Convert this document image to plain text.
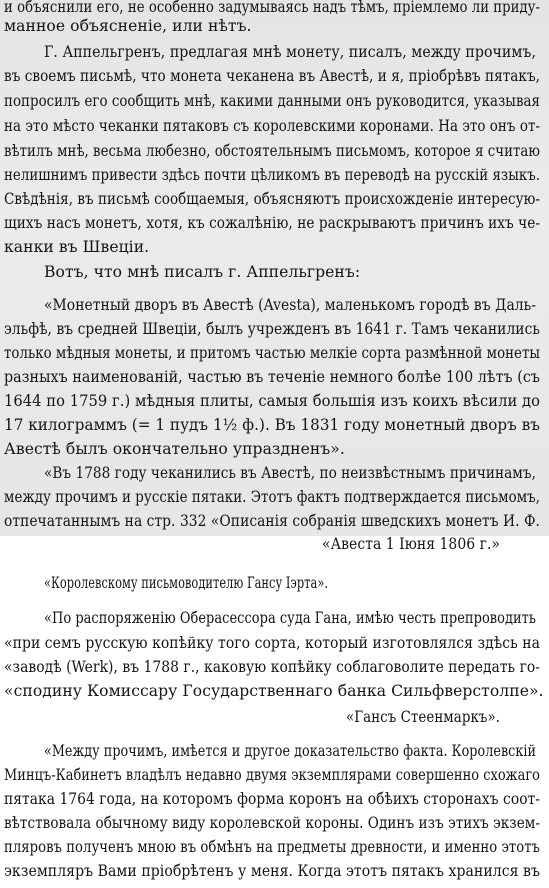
и объяснили его, не особенно задумываясь надъ тѣмъ, пріемлемо ли приду-
манное объясненіе, или нѣтъ.
Г. Аппельгренъ, предлагая мнѣ монету, писалъ, между прочимъ,
въ своемъ письмѣ, что монета чеканена въ Авестѣ, и я, пріобрѣвъ пятакъ,
попросилъ его сообщить мнѣ, какими данными онъ руководится, указывая
на это мѣсто чеканки пятаковъ съ королевскими коронами. На это онъ от-
вѣтилъ мнѣ, весьма любезно, обстоятельнымъ письмомъ, которое я считаю
нелишнимъ привести здѣсь почти цѣликомъ въ переводѣ на русскій языкъ.
Свѣдѣнія, въ письмѣ сообщаемыя, объясняютъ происхожденіе интересую-
щихъ насъ монетъ, хотя, къ сожалѣнію, не раскрываютъ причинъ ихъ че-
канки въ Швеціи.
Вотъ, что мнѣ писалъ г. Аппельгренъ:
«Монетный дворъ въ Авестѣ (Avesta), маленькомъ городѣ въ Даль-
эльфѣ, въ средней Швеціи, былъ учрежденъ въ 1641 г. Тамъ чеканились
только мѣдныя монеты, и притомъ частью мелкіе сорта размѣнной монеты
разныхъ наименованій, частью въ теченіе немного болѣе 100 лѣтъ (съ
1644 по 1759 г.) мѣдныя плиты, самыя большія изъ коихъ вѣсили до
17 килограммъ (= 1 пудъ 1½ ф.). Въ 1831 году монетный дворъ въ
Авестѣ былъ окончательно упраздненъ».
«Въ 1788 году чеканились въ Авестѣ, по неизвѣстнымъ причинамъ,
между прочимъ и русскіе пятаки. Этотъ фактъ подтверждается письмомъ,
отпечатаннымъ на стр. 332 «Описанія собранія шведскихъ монетъ И. Ф.
«Авеста 1 Іюня 1806 г.»
«Королевскому письмоводителю Гансу Іэрта».
«По распоряженію Оберасессора суда Гана, имѣю честь препроводить
«при семъ русскую копѣйку того сорта, который изготовлялся здѣсь на
«заводѣ (Werk), въ 1788 г., каковую копѣйку соблаговолите передать го-
«сподину Комиссару Государственнаго банка Сильфверстолпе».
«Гансъ Стеенмаркъ».
«Между прочимъ, имѣется и другое доказательство факта. Королевскій
Минцъ-Кабинетъ владѣлъ недавно двумя экземплярами совершенно схожаго
пятака 1764 года, на которомъ форма коронъ на обѣихъ сторонахъ соот-
вѣтствовала обычному виду королевской короны. Одинъ изъ этихъ экзем-
пляровъ полученъ мною въ обмѣнъ на предметы древности, и именно этотъ
экземпляръ Вами пріобрѣтенъ у меня. Когда этотъ пятакъ хранился въ
